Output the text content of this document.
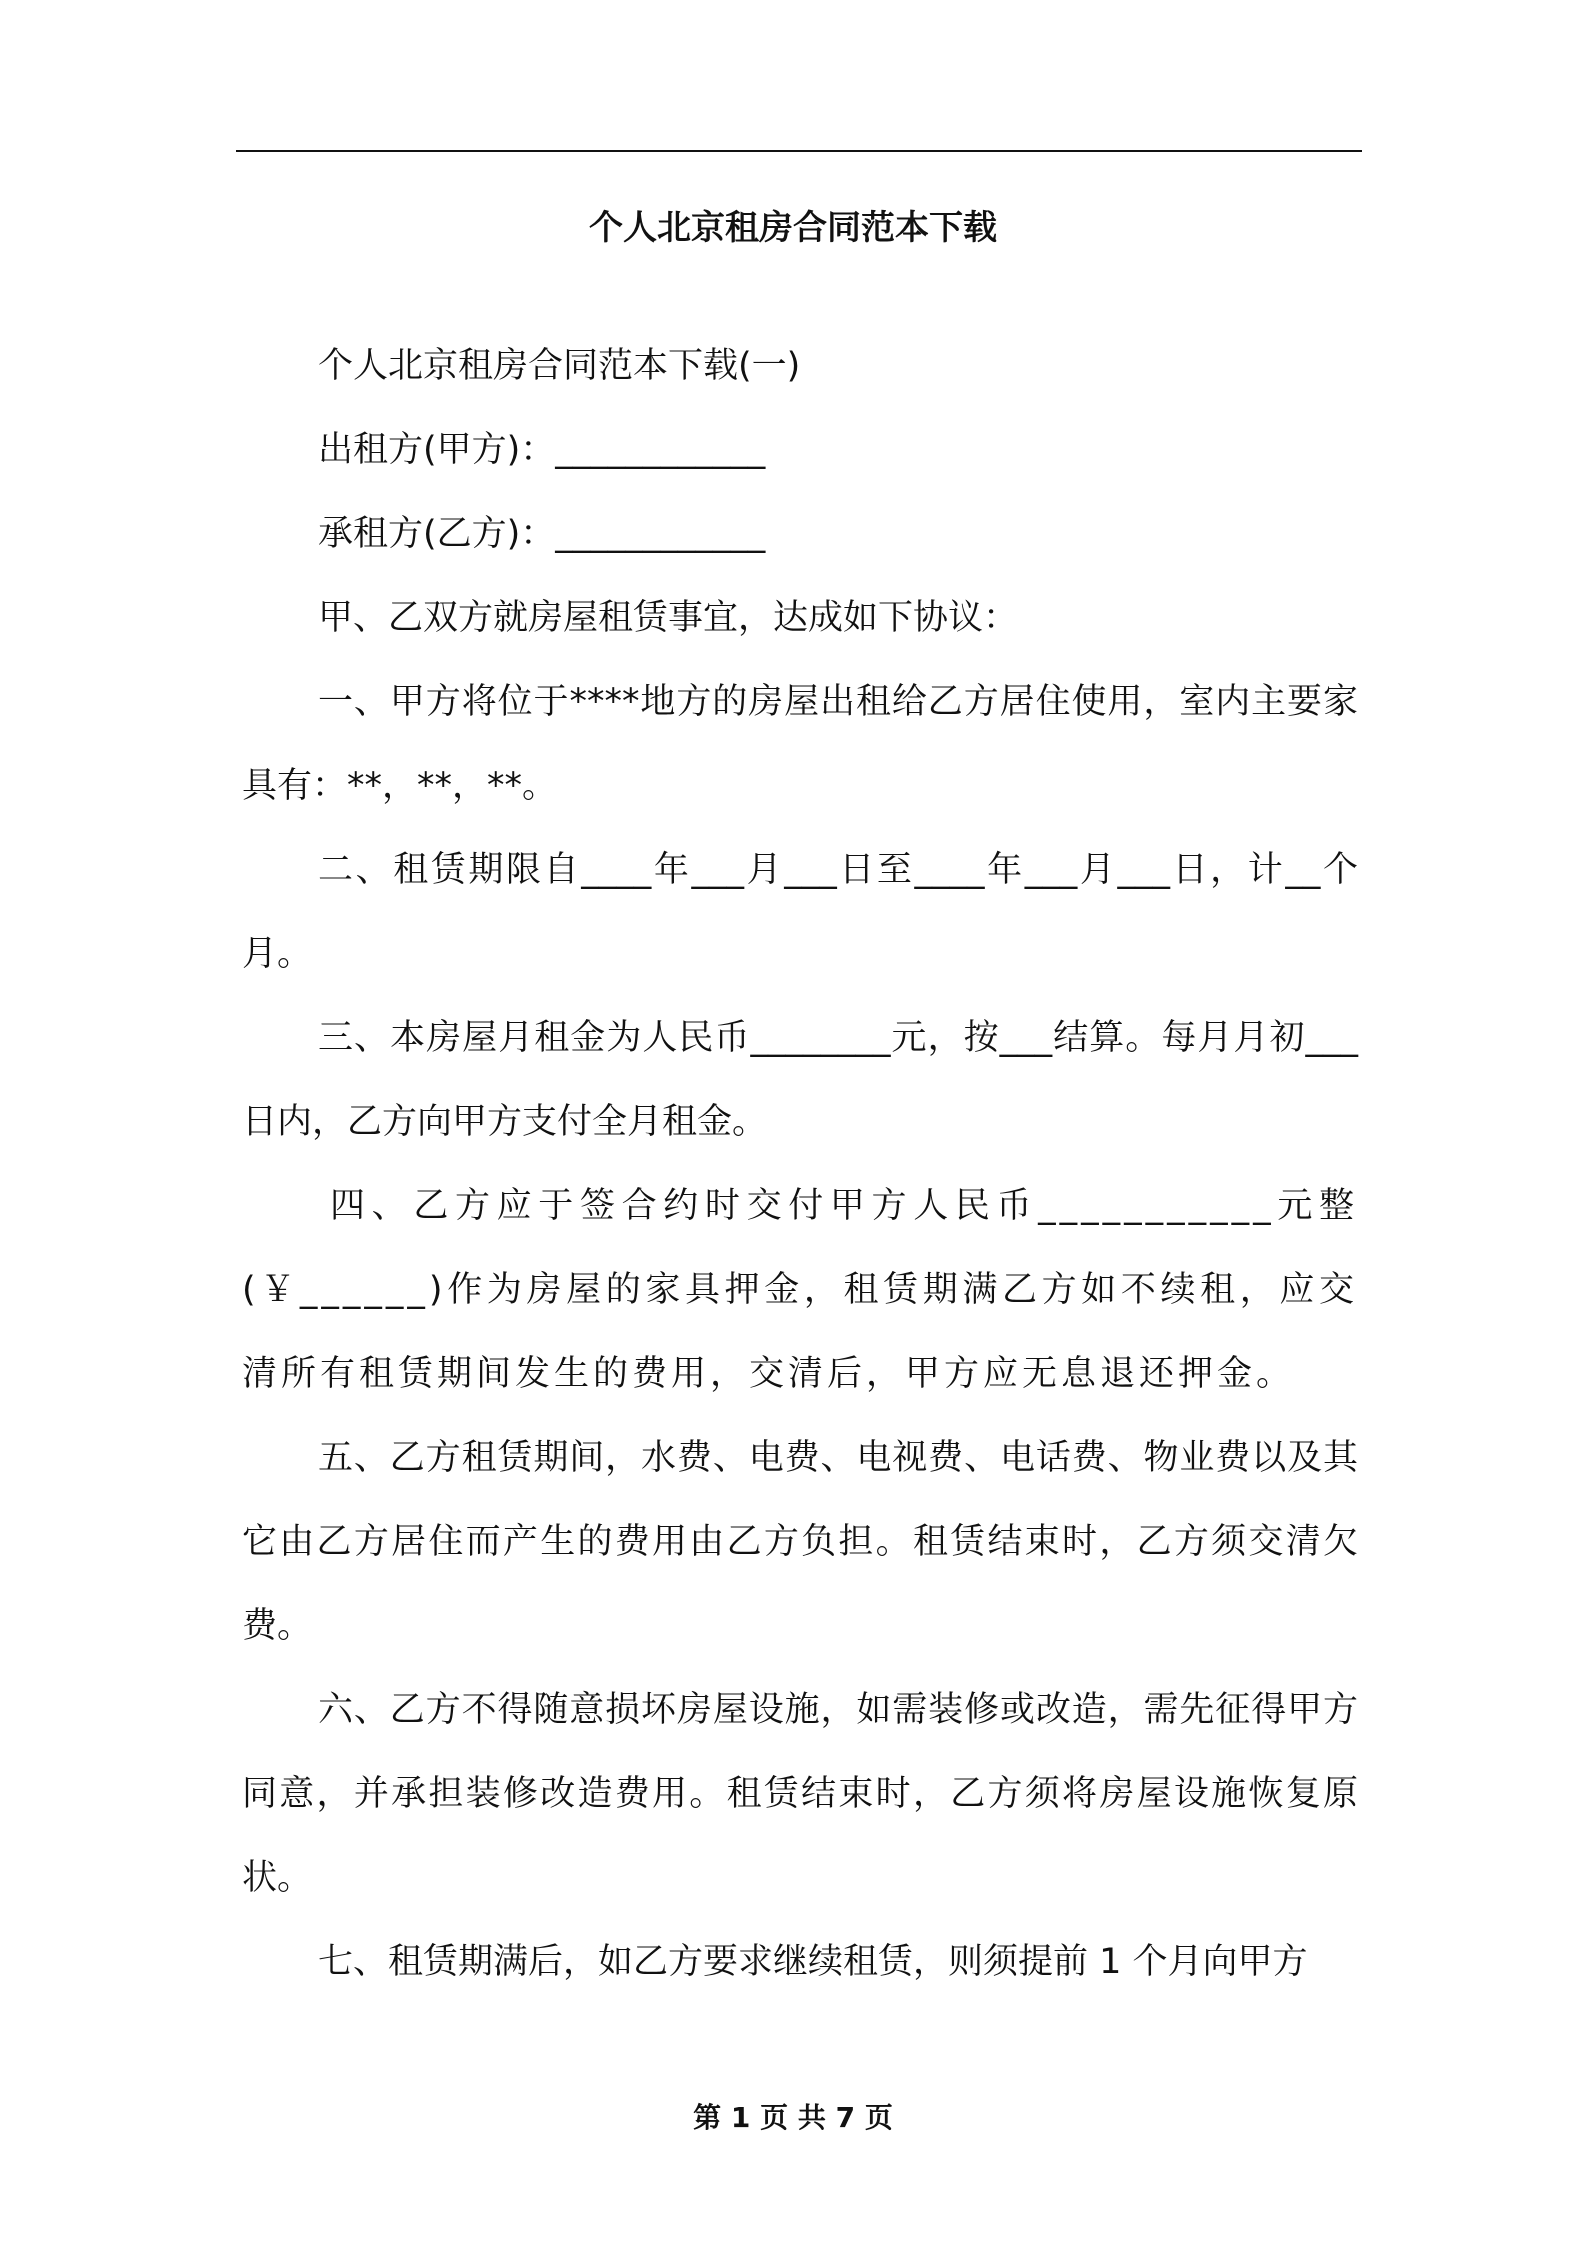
个人北京租房合同范本下载

个人北京租房合同范本下载(一)

出租方(甲方)：____________

承租方(乙方)：____________

甲、乙双方就房屋租赁事宜，达成如下协议：

一、甲方将位于****地方的房屋出租给乙方居住使用，室内主要家具有：**，**，**。

二、租赁期限自____年___月___日至____年___月___日，计__个月。

三、本房屋月租金为人民币________元，按___结算。每月月初___日内，乙方向甲方支付全月租金。

四、乙方应于签合约时交付甲方人民币___________元整(￥______)作为房屋的家具押金，租赁期满乙方如不续租，应交清所有租赁期间发生的费用，交清后，甲方应无息退还押金。

五、乙方租赁期间，水费、电费、电视费、电话费、物业费以及其它由乙方居住而产生的费用由乙方负担。租赁结束时，乙方须交清欠费。

六、乙方不得随意损坏房屋设施，如需装修或改造，需先征得甲方同意，并承担装修改造费用。租赁结束时，乙方须将房屋设施恢复原状。

七、租赁期满后，如乙方要求继续租赁，则须提前 1 个月向甲方

第 1 页 共 7 页
